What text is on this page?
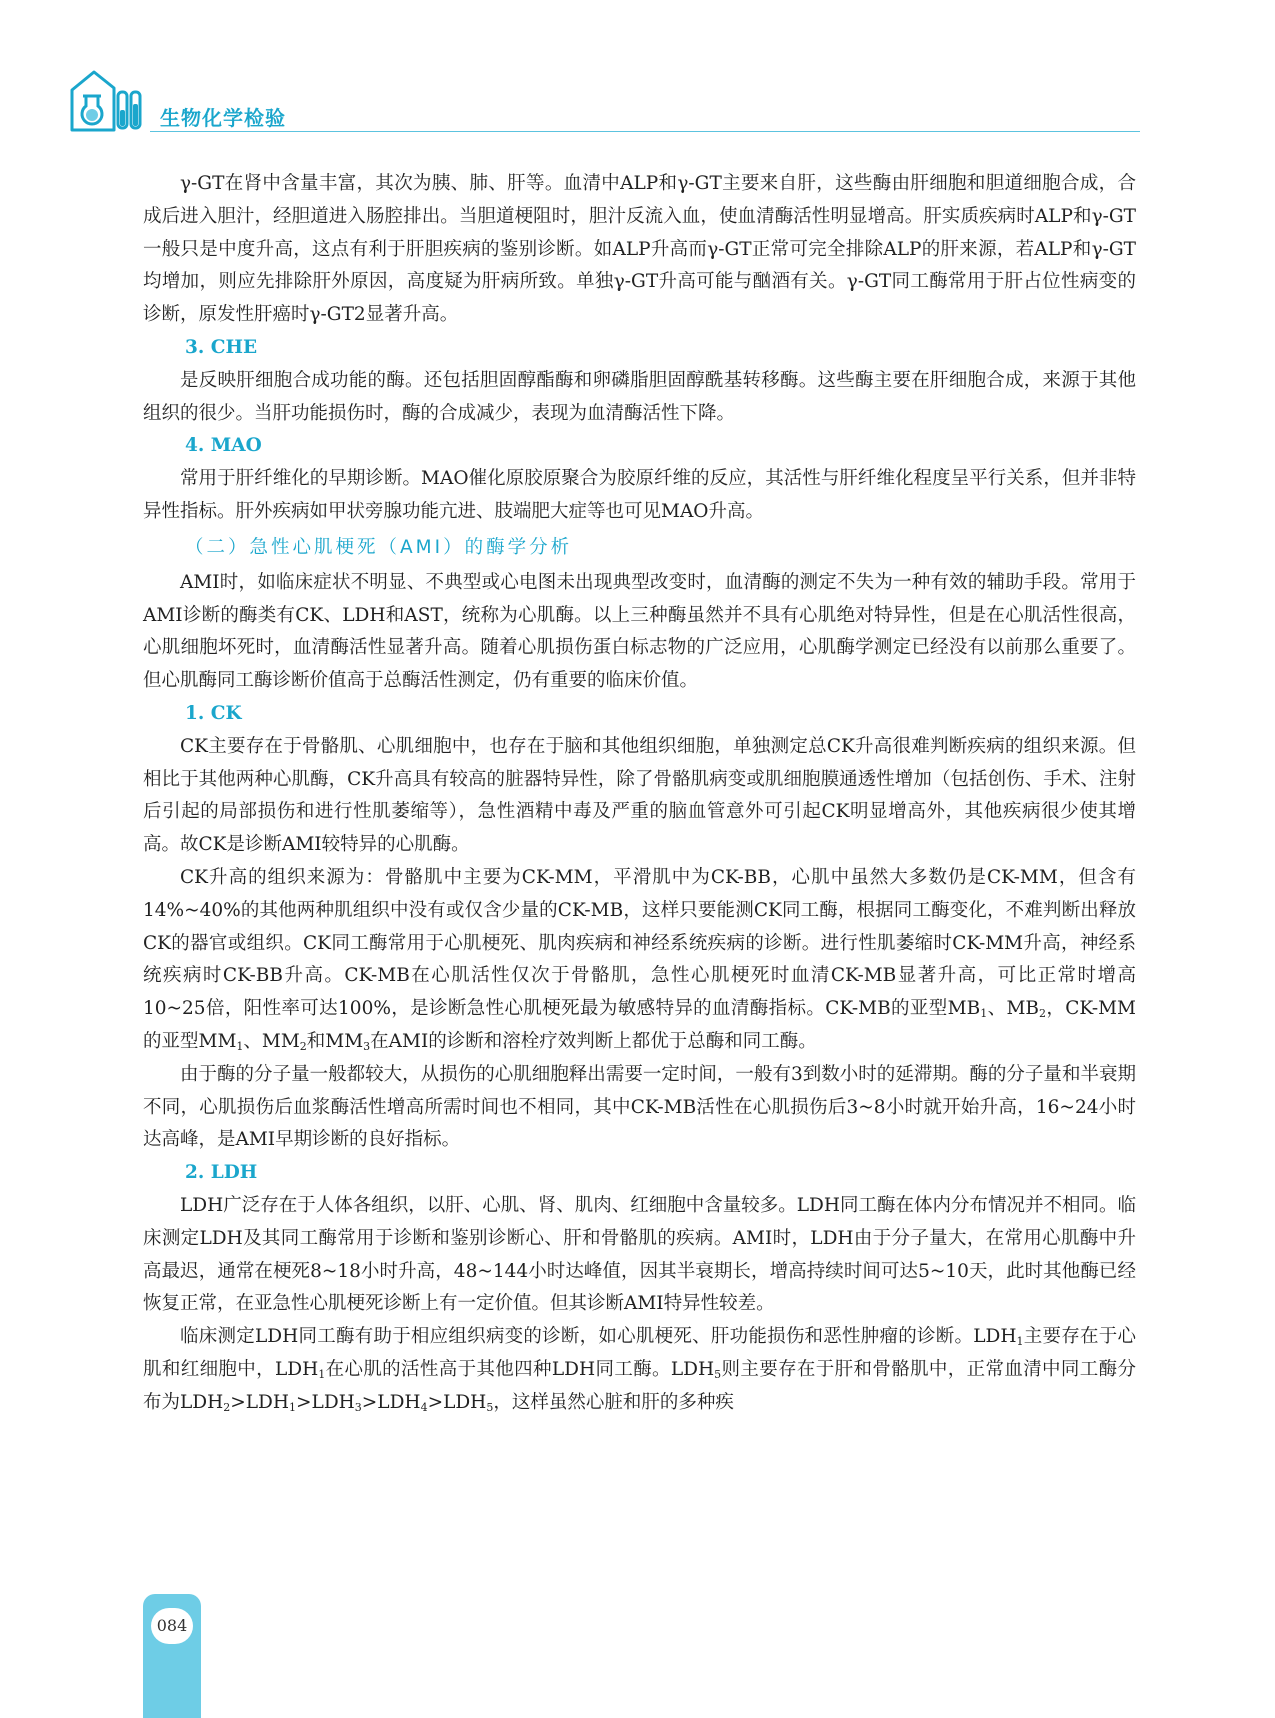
生物化学检验

γ-GT在肾中含量丰富，其次为胰、肺、肝等。血清中ALP和γ-GT主要来自肝，这些酶由肝细胞和胆道细胞合成，合成后进入胆汁，经胆道进入肠腔排出。当胆道梗阻时，胆汁反流入血，使血清酶活性明显增高。肝实质疾病时ALP和γ-GT一般只是中度升高，这点有利于肝胆疾病的鉴别诊断。如ALP升高而γ-GT正常可完全排除ALP的肝来源，若ALP和γ-GT均增加，则应先排除肝外原因，高度疑为肝病所致。单独γ-GT升高可能与酗酒有关。γ-GT同工酶常用于肝占位性病变的诊断，原发性肝癌时γ-GT2显著升高。

3. CHE

是反映肝细胞合成功能的酶。还包括胆固醇酯酶和卵磷脂胆固醇酰基转移酶。这些酶主要在肝细胞合成，来源于其他组织的很少。当肝功能损伤时，酶的合成减少，表现为血清酶活性下降。

4. MAO

常用于肝纤维化的早期诊断。MAO催化原胶原聚合为胶原纤维的反应，其活性与肝纤维化程度呈平行关系，但并非特异性指标。肝外疾病如甲状旁腺功能亢进、肢端肥大症等也可见MAO升高。

（二）急性心肌梗死（AMI）的酶学分析

AMI时，如临床症状不明显、不典型或心电图未出现典型改变时，血清酶的测定不失为一种有效的辅助手段。常用于AMI诊断的酶类有CK、LDH和AST，统称为心肌酶。以上三种酶虽然并不具有心肌绝对特异性，但是在心肌活性很高，心肌细胞坏死时，血清酶活性显著升高。随着心肌损伤蛋白标志物的广泛应用，心肌酶学测定已经没有以前那么重要了。但心肌酶同工酶诊断价值高于总酶活性测定，仍有重要的临床价值。

1. CK

CK主要存在于骨骼肌、心肌细胞中，也存在于脑和其他组织细胞，单独测定总CK升高很难判断疾病的组织来源。但相比于其他两种心肌酶，CK升高具有较高的脏器特异性，除了骨骼肌病变或肌细胞膜通透性增加（包括创伤、手术、注射后引起的局部损伤和进行性肌萎缩等），急性酒精中毒及严重的脑血管意外可引起CK明显增高外，其他疾病很少使其增高。故CK是诊断AMI较特异的心肌酶。

CK升高的组织来源为：骨骼肌中主要为CK-MM，平滑肌中为CK-BB，心肌中虽然大多数仍是CK-MM，但含有14%~40%的其他两种肌组织中没有或仅含少量的CK-MB，这样只要能测CK同工酶，根据同工酶变化，不难判断出释放CK的器官或组织。CK同工酶常用于心肌梗死、肌肉疾病和神经系统疾病的诊断。进行性肌萎缩时CK-MM升高，神经系统疾病时CK-BB升高。CK-MB在心肌活性仅次于骨骼肌，急性心肌梗死时血清CK-MB显著升高，可比正常时增高10~25倍，阳性率可达100%，是诊断急性心肌梗死最为敏感特异的血清酶指标。CK-MB的亚型$MB_1$、$MB_2$，CK-MM的亚型$MM_1$、$MM_2$和$MM_3$在AMI的诊断和溶栓疗效判断上都优于总酶和同工酶。

由于酶的分子量一般都较大，从损伤的心肌细胞释出需要一定时间，一般有3到数小时的延滞期。酶的分子量和半衰期不同，心肌损伤后血浆酶活性增高所需时间也不相同，其中CK-MB活性在心肌损伤后3~8小时就开始升高，16~24小时达高峰，是AMI早期诊断的良好指标。

2. LDH

LDH广泛存在于人体各组织，以肝、心肌、肾、肌肉、红细胞中含量较多。LDH同工酶在体内分布情况并不相同。临床测定LDH及其同工酶常用于诊断和鉴别诊断心、肝和骨骼肌的疾病。AMI时，LDH由于分子量大，在常用心肌酶中升高最迟，通常在梗死8~18小时升高，48~144小时达峰值，因其半衰期长，增高持续时间可达5~10天，此时其他酶已经恢复正常，在亚急性心肌梗死诊断上有一定价值。但其诊断AMI特异性较差。

临床测定LDH同工酶有助于相应组织病变的诊断，如心肌梗死、肝功能损伤和恶性肿瘤的诊断。$LDH_1$主要存在于心肌和红细胞中，$LDH_1$在心肌的活性高于其他四种LDH同工酶。$LDH_5$则主要存在于肝和骨骼肌中，正常血清中同工酶分布为$LDH_2>LDH_1>LDH_3>LDH_4>LDH_5$，这样虽然心脏和肝的多种疾

084
